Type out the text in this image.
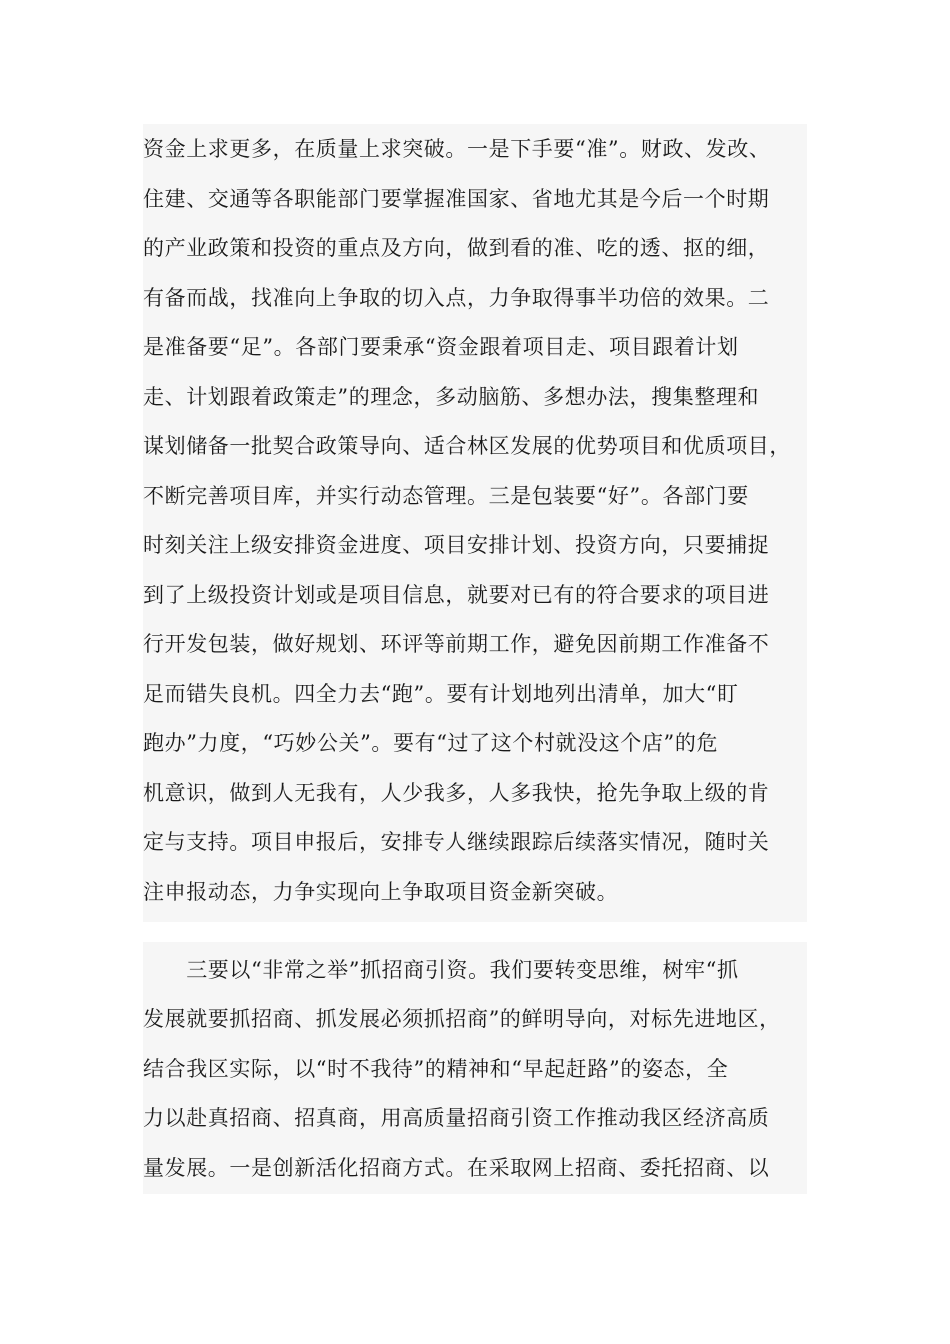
资金上求更多，在质量上求突破。一是下手要“准”。财政、发改、
住建、交通等各职能部门要掌握准国家、省地尤其是今后一个时期
的产业政策和投资的重点及方向，做到看的准、吃的透、抠的细，
有备而战，找准向上争取的切入点，力争取得事半功倍的效果。二
是准备要“足”。各部门要秉承“资金跟着项目走、项目跟着计划
走、计划跟着政策走”的理念，多动脑筋、多想办法，搜集整理和
谋划储备一批契合政策导向、适合林区发展的优势项目和优质项目，
不断完善项目库，并实行动态管理。三是包装要“好”。各部门要
时刻关注上级安排资金进度、项目安排计划、投资方向，只要捕捉
到了上级投资计划或是项目信息，就要对已有的符合要求的项目进
行开发包装，做好规划、环评等前期工作，避免因前期工作准备不
足而错失良机。四全力去“跑”。要有计划地列出清单，加大“盯
跑办”力度，“巧妙公关”。要有“过了这个村就没这个店”的危
机意识，做到人无我有，人少我多，人多我快，抢先争取上级的肯
定与支持。项目申报后，安排专人继续跟踪后续落实情况，随时关
注申报动态，力争实现向上争取项目资金新突破。
　　三要以“非常之举”抓招商引资。我们要转变思维，树牢“抓
发展就要抓招商、抓发展必须抓招商”的鲜明导向，对标先进地区，
结合我区实际，以“时不我待”的精神和“早起赶路”的姿态，全
力以赴真招商、招真商，用高质量招商引资工作推动我区经济高质
量发展。一是创新活化招商方式。在采取网上招商、委托招商、以
